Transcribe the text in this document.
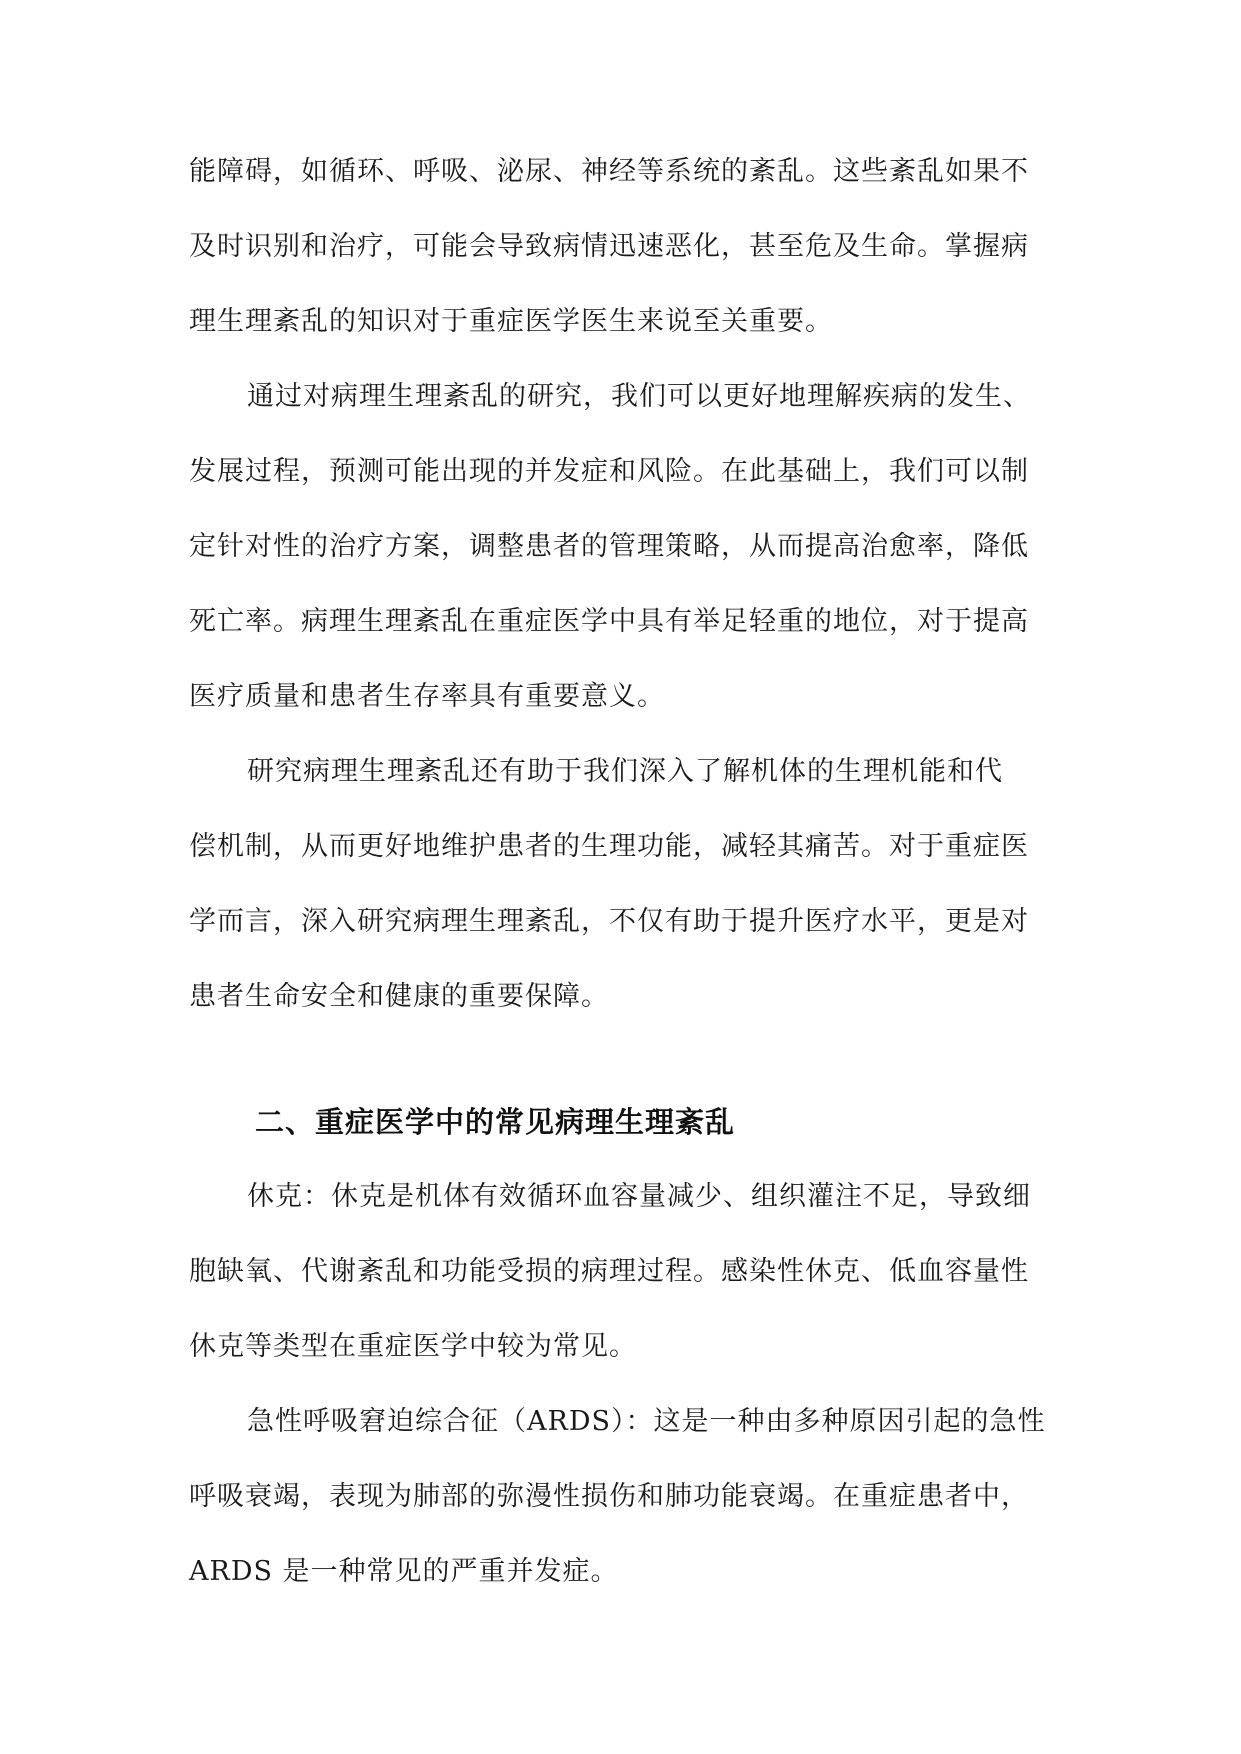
能障碍，如循环、呼吸、泌尿、神经等系统的紊乱。这些紊乱如果不
及时识别和治疗，可能会导致病情迅速恶化，甚至危及生命。掌握病
理生理紊乱的知识对于重症医学医生来说至关重要。
通过对病理生理紊乱的研究，我们可以更好地理解疾病的发生、
发展过程，预测可能出现的并发症和风险。在此基础上，我们可以制
定针对性的治疗方案，调整患者的管理策略，从而提高治愈率，降低
死亡率。病理生理紊乱在重症医学中具有举足轻重的地位，对于提高
医疗质量和患者生存率具有重要意义。
研究病理生理紊乱还有助于我们深入了解机体的生理机能和代
偿机制，从而更好地维护患者的生理功能，减轻其痛苦。对于重症医
学而言，深入研究病理生理紊乱，不仅有助于提升医疗水平，更是对
患者生命安全和健康的重要保障。
二、重症医学中的常见病理生理紊乱
休克：休克是机体有效循环血容量减少、组织灌注不足，导致细
胞缺氧、代谢紊乱和功能受损的病理过程。感染性休克、低血容量性
休克等类型在重症医学中较为常见。
急性呼吸窘迫综合征（ARDS）：这是一种由多种原因引起的急性
呼吸衰竭，表现为肺部的弥漫性损伤和肺功能衰竭。在重症患者中，
ARDS 是一种常见的严重并发症。
